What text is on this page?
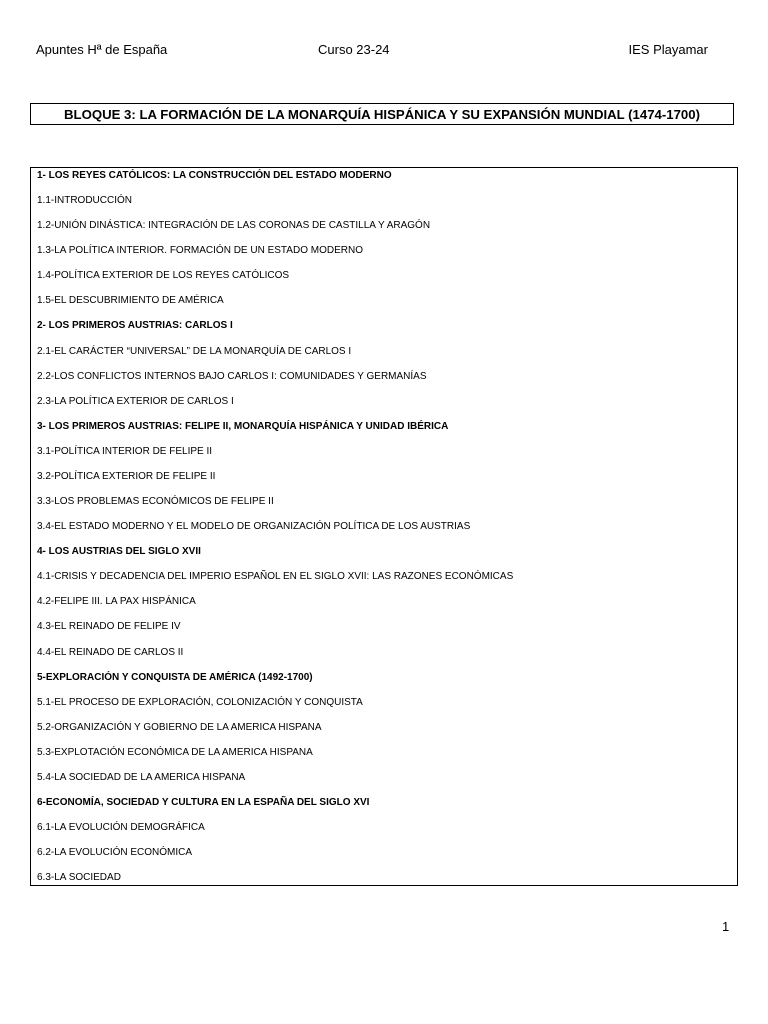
Apuntes Hª de España	Curso 23-24	IES Playamar
BLOQUE 3: LA FORMACIÓN DE LA MONARQUÍA HISPÁNICA Y SU EXPANSIÓN MUNDIAL (1474-1700)
1- LOS REYES CATÓLICOS: LA CONSTRUCCIÓN DEL ESTADO MODERNO
1.1-INTRODUCCIÓN
1.2-UNIÓN DINÁSTICA: INTEGRACIÓN DE LAS CORONAS DE CASTILLA Y ARAGÓN
1.3-LA POLÍTICA INTERIOR. FORMACIÓN DE UN ESTADO MODERNO
1.4-POLÍTICA EXTERIOR DE LOS REYES CATÓLICOS
1.5-EL DESCUBRIMIENTO DE AMÉRICA
2- LOS PRIMEROS AUSTRIAS: CARLOS I
2.1-EL CARÁCTER “UNIVERSAL” DE LA MONARQUÍA DE CARLOS I
2.2-LOS CONFLICTOS INTERNOS BAJO CARLOS I: COMUNIDADES Y GERMANÍAS
2.3-LA POLÍTICA EXTERIOR DE CARLOS I
3- LOS PRIMEROS AUSTRIAS: FELIPE II, MONARQUÍA HISPÁNICA Y UNIDAD IBÉRICA
3.1-POLÍTICA INTERIOR DE FELIPE II
3.2-POLÍTICA EXTERIOR DE FELIPE II
3.3-LOS PROBLEMAS ECONÓMICOS DE FELIPE II
3.4-EL ESTADO MODERNO Y EL MODELO DE ORGANIZACIÓN POLÍTICA DE LOS AUSTRIAS
4- LOS AUSTRIAS DEL SIGLO XVII
4.1-CRISIS Y DECADENCIA DEL IMPERIO ESPAÑOL EN EL SIGLO XVII: LAS RAZONES ECONÓMICAS
4.2-FELIPE III. LA PAX HISPÁNICA
4.3-EL REINADO DE FELIPE IV
4.4-EL REINADO DE CARLOS II
5-EXPLORACIÓN Y CONQUISTA DE AMÉRICA (1492-1700)
5.1-EL PROCESO DE EXPLORACIÓN, COLONIZACIÓN Y CONQUISTA
5.2-ORGANIZACIÓN Y GOBIERNO DE LA AMERICA HISPANA
5.3-EXPLOTACIÓN ECONÓMICA DE LA AMERICA HISPANA
5.4-LA SOCIEDAD DE LA AMERICA HISPANA
6-ECONOMÍA, SOCIEDAD Y CULTURA EN LA ESPAÑA DEL SIGLO XVI
6.1-LA EVOLUCIÓN DEMOGRÁFICA
6.2-LA EVOLUCIÓN ECONÓMICA
6.3-LA SOCIEDAD
1
